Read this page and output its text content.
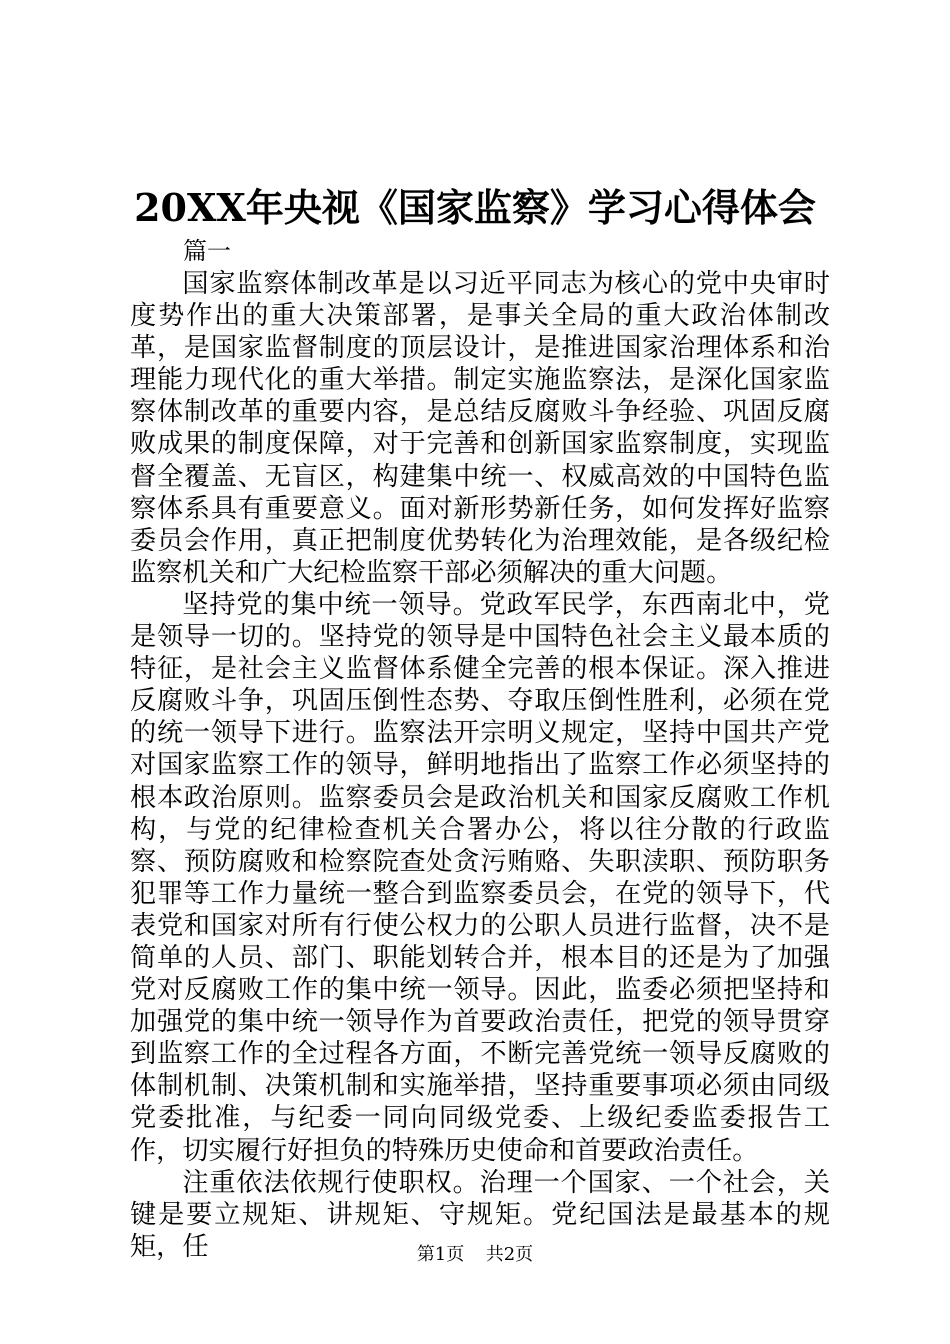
20XX年央视《国家监察》学习心得体会
篇一

国家监察体制改革是以习近平同志为核心的党中央审时度势作出的重大决策部署，是事关全局的重大政治体制改革，是国家监督制度的顶层设计，是推进国家治理体系和治理能力现代化的重大举措。制定实施监察法，是深化国家监察体制改革的重要内容，是总结反腐败斗争经验、巩固反腐败成果的制度保障，对于完善和创新国家监察制度，实现监督全覆盖、无盲区，构建集中统一、权威高效的中国特色监察体系具有重要意义。面对新形势新任务，如何发挥好监察委员会作用，真正把制度优势转化为治理效能，是各级纪检监察机关和广大纪检监察干部必须解决的重大问题。

坚持党的集中统一领导。党政军民学，东西南北中，党是领导一切的。坚持党的领导是中国特色社会主义最本质的特征，是社会主义监督体系健全完善的根本保证。深入推进反腐败斗争，巩固压倒性态势、夺取压倒性胜利，必须在党的统一领导下进行。监察法开宗明义规定，坚持中国共产党对国家监察工作的领导，鲜明地指出了监察工作必须坚持的根本政治原则。监察委员会是政治机关和国家反腐败工作机构，与党的纪律检查机关合署办公，将以往分散的行政监察、预防腐败和检察院查处贪污贿赂、失职渎职、预防职务犯罪等工作力量统一整合到监察委员会，在党的领导下，代表党和国家对所有行使公权力的公职人员进行监督，决不是简单的人员、部门、职能划转合并，根本目的还是为了加强党对反腐败工作的集中统一领导。因此，监委必须把坚持和加强党的集中统一领导作为首要政治责任，把党的领导贯穿到监察工作的全过程各方面，不断完善党统一领导反腐败的体制机制、决策机制和实施举措，坚持重要事项必须由同级党委批准，与纪委一同向同级党委、上级纪委监委报告工作，切实履行好担负的特殊历史使命和首要政治责任。

注重依法依规行使职权。治理一个国家、一个社会，关键是要立规矩、讲规矩、守规矩。党纪国法是最基本的规矩，任	第1页 共2页
